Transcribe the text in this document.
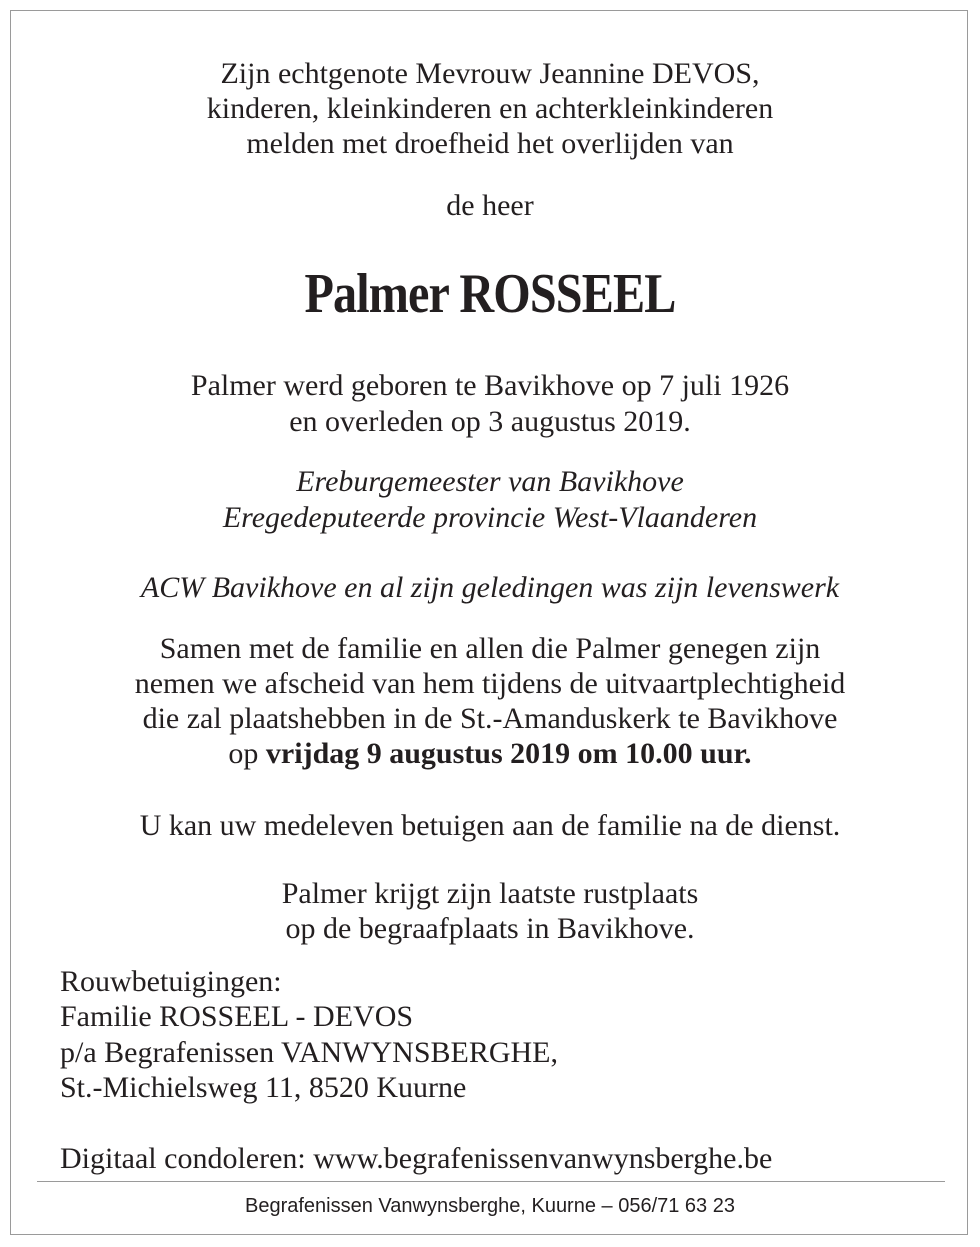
Zijn echtgenote Mevrouw Jeannine DEVOS,

kinderen, kleinkinderen en achterkleinkinderen

melden met droefheid het overlijden van

de heer

Palmer ROSSEEL

Palmer werd geboren te Bavikhove op 7 juli 1926

en overleden op 3 augustus 2019.

Ereburgemeester van Bavikhove

Eregedeputeerde provincie West-Vlaanderen

ACW Bavikhove en al zijn geledingen was zijn levenswerk

Samen met de familie en allen die Palmer genegen zijn

nemen we afscheid van hem tijdens de uitvaartplechtigheid

die zal plaatshebben in de St.-Amanduskerk te Bavikhove

op vrijdag 9 augustus 2019 om 10.00 uur.

U kan uw medeleven betuigen aan de familie na de dienst.

Palmer krijgt zijn laatste rustplaats

op de begraafplaats in Bavikhove.

Rouwbetuigingen:

Familie ROSSEEL - DEVOS

p/a Begrafenissen VANWYNSBERGHE,

St.-Michielsweg 11, 8520 Kuurne

Digitaal condoleren: www.begrafenissenvanwynsberghe.be

Begrafenissen Vanwynsberghe, Kuurne – 056/71 63 23
